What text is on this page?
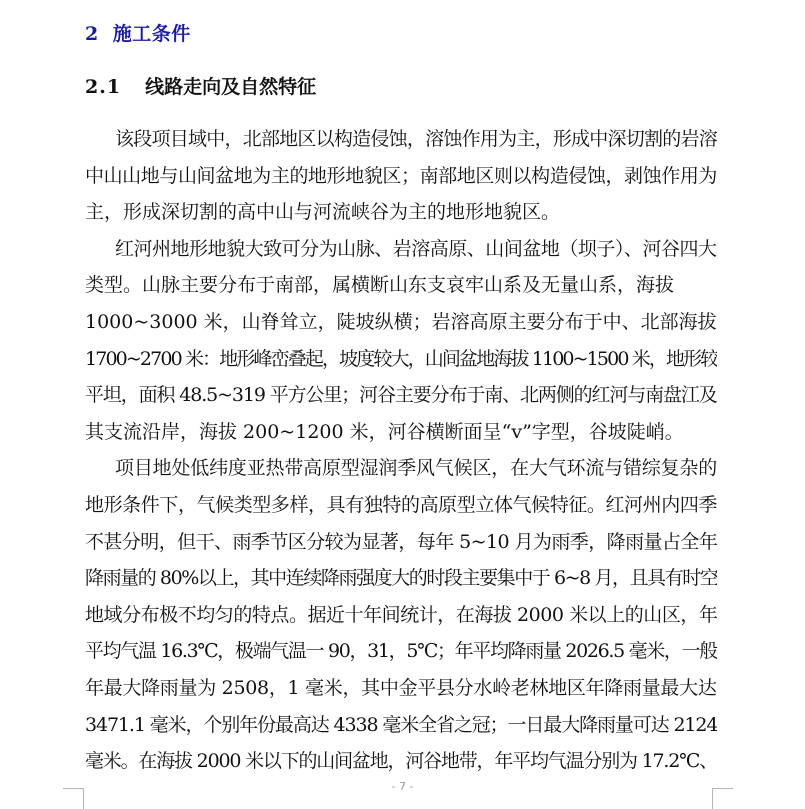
2 施工条件
2.1 线路走向及自然特征
该段项目域中，北部地区以构造侵蚀，溶蚀作用为主，形成中深切割的岩溶
中山山地与山间盆地为主的地形地貌区；南部地区则以构造侵蚀，剥蚀作用为
主，形成深切割的高中山与河流峡谷为主的地形地貌区。
红河州地形地貌大致可分为山脉、岩溶高原、山间盆地（坝子）、河谷四大
类型。山脉主要分布于南部，属横断山东支哀牢山系及无量山系，海拔
1000~3000 米，山脊耸立，陡坡纵横；岩溶高原主要分布于中、北部海拔
1700~2700 米：地形峰峦叠起，坡度较大，山间盆地海拔 1100~1500 米，地形较
平坦，面积 48.5~319 平方公里；河谷主要分布于南、北两侧的红河与南盘江及
其支流沿岸，海拔 200~1200 米，河谷横断面呈“v”字型，谷坡陡峭。
项目地处低纬度亚热带高原型湿润季风气候区，在大气环流与错综复杂的
地形条件下，气候类型多样，具有独特的高原型立体气候特征。红河州内四季
不甚分明，但干、雨季节区分较为显著，每年 5~10 月为雨季，降雨量占全年
降雨量的 80%以上，其中连续降雨强度大的时段主要集中于 6~8 月，且具有时空
地域分布极不均匀的特点。据近十年间统计，在海拔 2000 米以上的山区，年
平均气温 16.3℃，极端气温一 90，31，5℃；年平均降雨量 2026.5 毫米，一般
年最大降雨量为 2508，1 毫米，其中金平县分水岭老林地区年降雨量最大达
3471.1 毫米，个别年份最高达 4338 毫米全省之冠；一日最大降雨量可达 2124
毫米。在海拔 2000 米以下的山间盆地，河谷地带，年平均气温分别为 17.2℃、
- 7 -
